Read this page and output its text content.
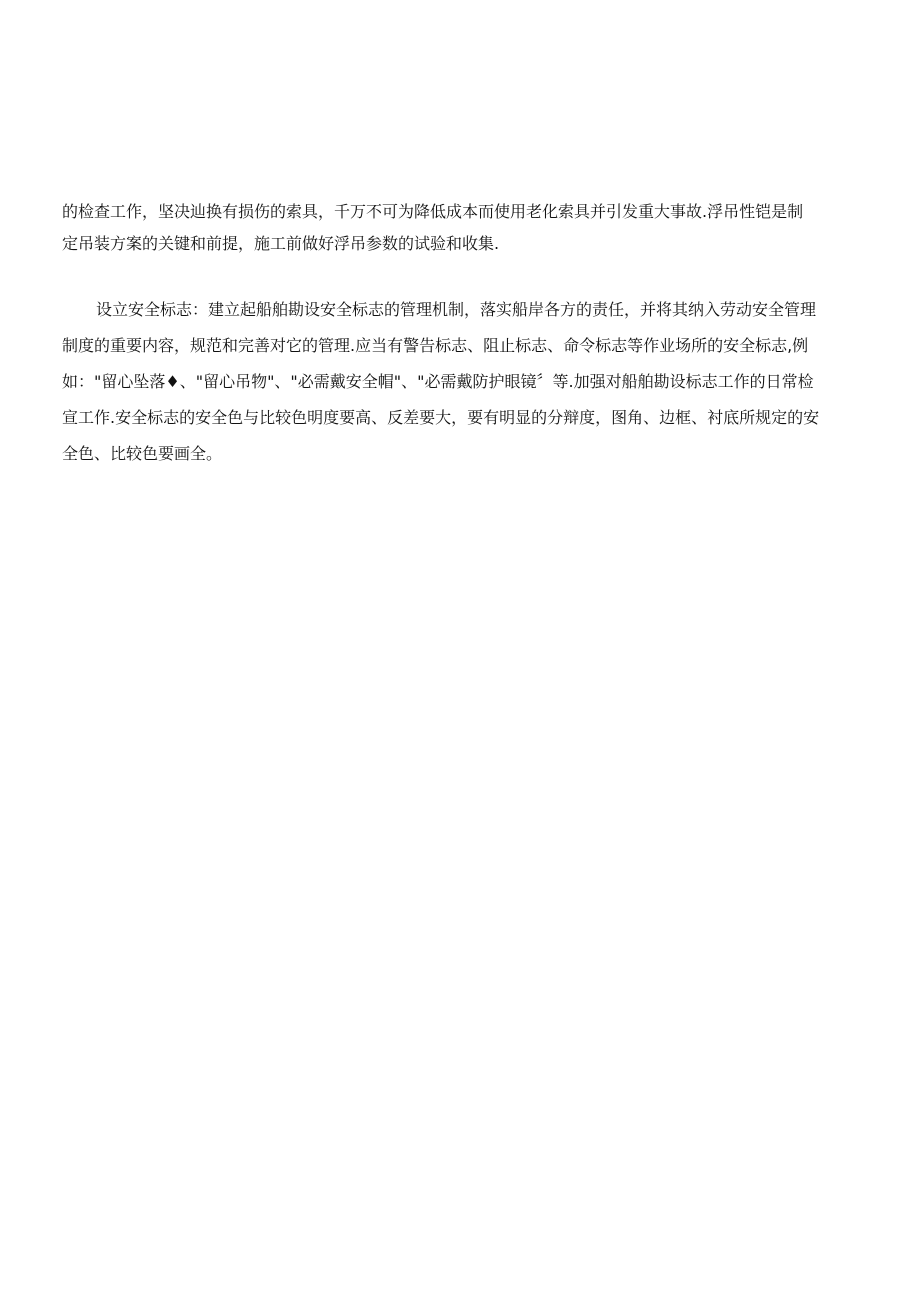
的检查工作，坚决辿换有损伤的索具，千万不可为降低成本而使用老化索具并引发重大事故.浮吊性铠是制
定吊装方案的关键和前提，施工前做好浮吊参数的试验和收集.
设立安全标志：建立起船舶勘设安全标志的管理机制，落实船岸各方的责任，并将其纳入劳动安全管理
制度的重要内容，规范和完善对它的管理.应当有警告标志、阻止标志、命令标志等作业场所的安全标志,例
如："留心坠落♦、"留心吊物"、"必需戴安全帽"、"必需戴防护眼镜〞等.加强对船舶勘设标志工作的日常检
宣工作.安全标志的安全色与比较色明度要高、反差要大，要有明显的分辩度，图角、边框、衬底所规定的安
全色、比较色要画全。
